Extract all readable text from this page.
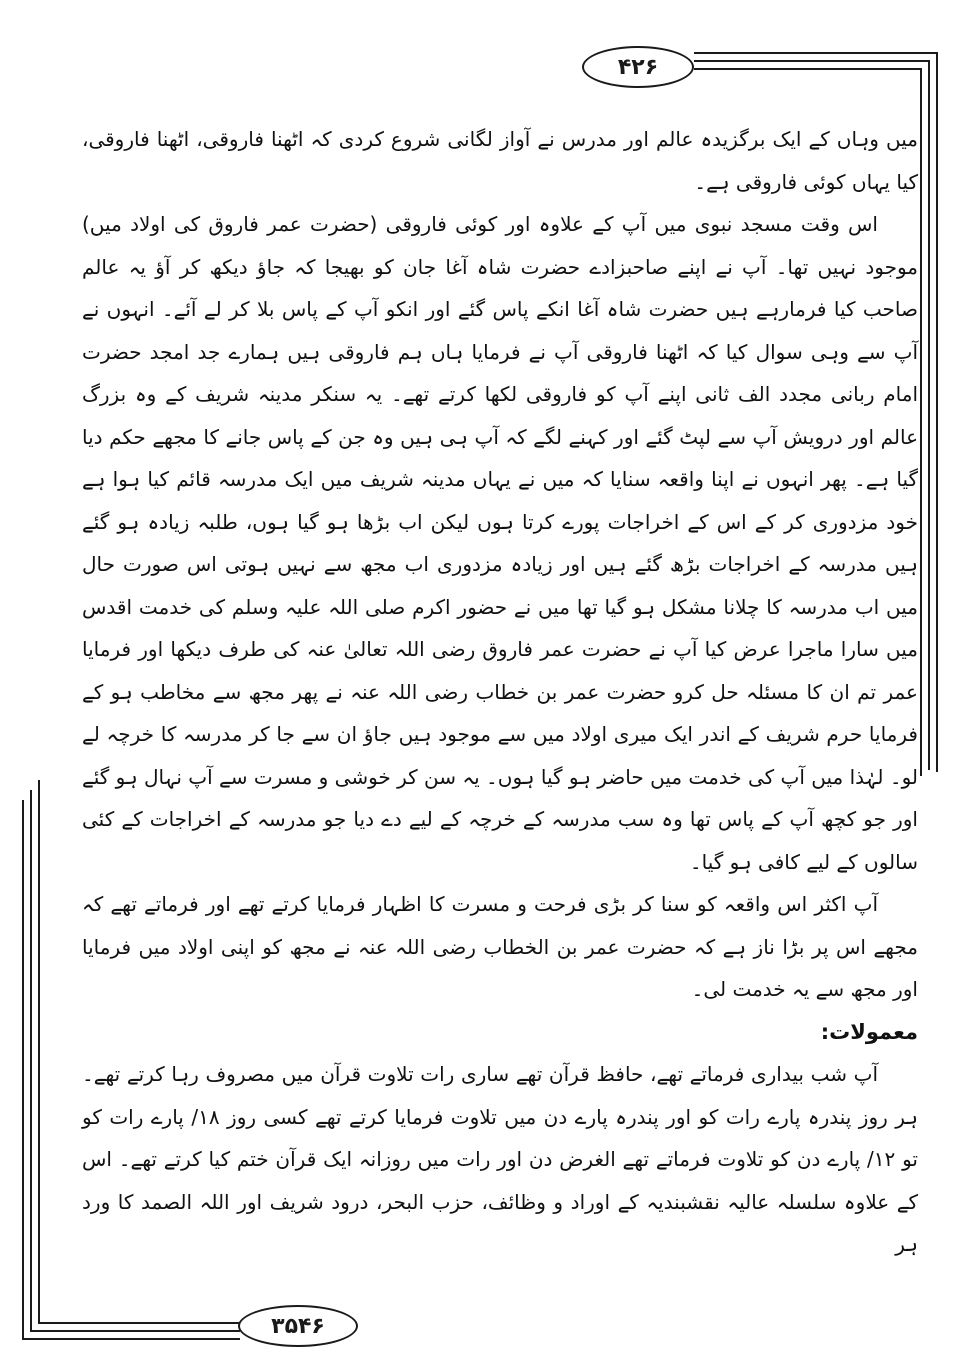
۴۲۶
۳۵۴۶

میں وہاں کے ایک برگزیدہ عالم اور مدرس نے آواز لگانی شروع کردی کہ اٹھنا فاروقی، اٹھنا فاروقی، کیا یہاں کوئی فاروقی ہے۔

اس وقت مسجد نبوی میں آپ کے علاوہ اور کوئی فاروقی (حضرت عمر فاروق کی اولاد میں) موجود نہیں تھا۔ آپ نے اپنے صاحبزادے حضرت شاہ آغا جان کو بھیجا کہ جاؤ دیکھ کر آؤ یہ عالم صاحب کیا فرمارہے ہیں حضرت شاہ آغا انکے پاس گئے اور انکو آپ کے پاس بلا کر لے آئے۔ انہوں نے آپ سے وہی سوال کیا کہ اٹھنا فاروقی آپ نے فرمایا ہاں ہم فاروقی ہیں ہمارے جد امجد حضرت امام ربانی مجدد الف ثانی اپنے آپ کو فاروقی لکھا کرتے تھے۔ یہ سنکر مدینہ شریف کے وہ بزرگ عالم اور درویش آپ سے لپٹ گئے اور کہنے لگے کہ آپ ہی ہیں وہ جن کے پاس جانے کا مجھے حکم دیا گیا ہے۔ پھر انہوں نے اپنا واقعہ سنایا کہ میں نے یہاں مدینہ شریف میں ایک مدرسہ قائم کیا ہوا ہے خود مزدوری کر کے اس کے اخراجات پورے کرتا ہوں لیکن اب بڑھا ہو گیا ہوں، طلبہ زیادہ ہو گئے ہیں مدرسہ کے اخراجات بڑھ گئے ہیں اور زیادہ مزدوری اب مجھ سے نہیں ہوتی اس صورت حال میں اب مدرسہ کا چلانا مشکل ہو گیا تھا میں نے حضور اکرم صلی اللہ علیہ وسلم کی خدمت اقدس میں سارا ماجرا عرض کیا آپ نے حضرت عمر فاروق رضی اللہ تعالیٰ عنہ کی طرف دیکھا اور فرمایا عمر تم ان کا مسئلہ حل کرو حضرت عمر بن خطاب رضی اللہ عنہ نے پھر مجھ سے مخاطب ہو کے فرمایا حرم شریف کے اندر ایک میری اولاد میں سے موجود ہیں جاؤ ان سے جا کر مدرسہ کا خرچہ لے لو۔ لہٰذا میں آپ کی خدمت میں حاضر ہو گیا ہوں۔ یہ سن کر خوشی و مسرت سے آپ نہال ہو گئے اور جو کچھ آپ کے پاس تھا وہ سب مدرسہ کے خرچہ کے لیے دے دیا جو مدرسہ کے اخراجات کے کئی سالوں کے لیے کافی ہو گیا۔

آپ اکثر اس واقعہ کو سنا کر بڑی فرحت و مسرت کا اظہار فرمایا کرتے تھے اور فرماتے تھے کہ مجھے اس پر بڑا ناز ہے کہ حضرت عمر بن الخطاب رضی اللہ عنہ نے مجھ کو اپنی اولاد میں فرمایا اور مجھ سے یہ خدمت لی۔

معمولات:

آپ شب بیداری فرماتے تھے، حافظ قرآن تھے ساری رات تلاوت قرآن میں مصروف رہا کرتے تھے۔ ہر روز پندرہ پارے رات کو اور پندرہ پارے دن میں تلاوت فرمایا کرتے تھے کسی روز ۱۸/ پارے رات کو تو ۱۲/ پارے دن کو تلاوت فرماتے تھے الغرض دن اور رات میں روزانہ ایک قرآن ختم کیا کرتے تھے۔ اس کے علاوہ سلسلہ عالیہ نقشبندیہ کے اوراد و وظائف، حزب البحر، درود شریف اور اللہ الصمد کا ورد ہر
